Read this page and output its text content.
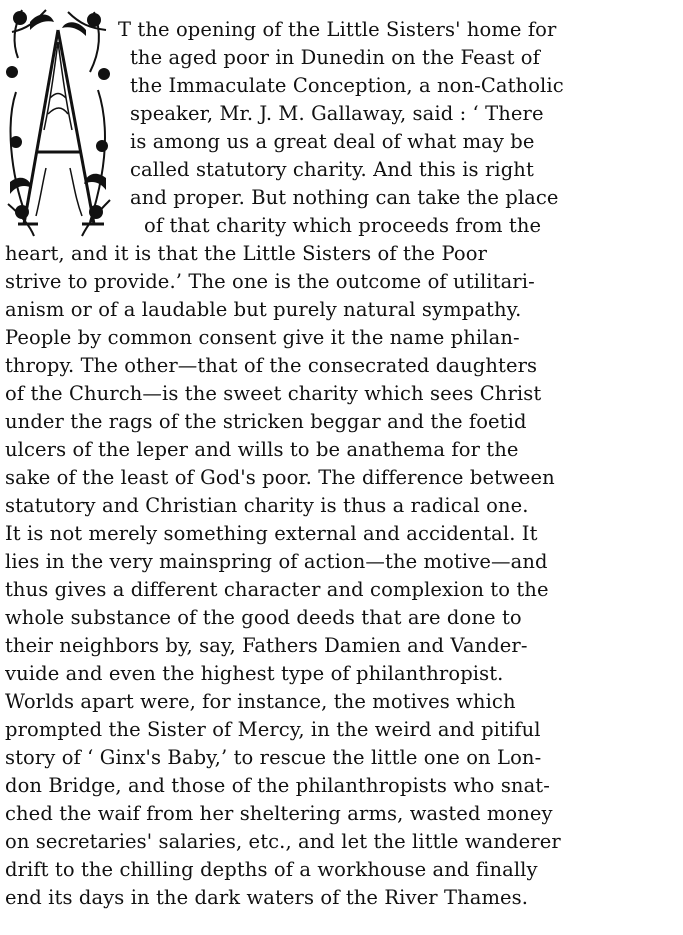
T the opening of the Little Sisters' home for
the aged poor in Dunedin on the Feast of
the Immaculate Conception, a non-Catholic
speaker, Mr. J. M. Gallaway, said : ‘ There
is among us a great deal of what may be
called statutory charity. And this is right
and proper. But nothing can take the place
of that charity which proceeds from the
heart, and it is that the Little Sisters of the Poor
strive to provide.’ The one is the outcome of utilitari-
anism or of a laudable but purely natural sympathy.
People by common consent give it the name philan-
thropy. The other—that of the consecrated daughters
of the Church—is the sweet charity which sees Christ
under the rags of the stricken beggar and the foetid
ulcers of the leper and wills to be anathema for the
sake of the least of God's poor. The difference between
statutory and Christian charity is thus a radical one.
It is not merely something external and accidental. It
lies in the very mainspring of action—the motive—and
thus gives a different character and complexion to the
whole substance of the good deeds that are done to
their neighbors by, say, Fathers Damien and Vander-
vuide and even the highest type of philanthropist.
Worlds apart were, for instance, the motives which
prompted the Sister of Mercy, in the weird and pitiful
story of ‘ Ginx's Baby,’ to rescue the little one on Lon-
don Bridge, and those of the philanthropists who snat-
ched the waif from her sheltering arms, wasted money
on secretaries' salaries, etc., and let the little wanderer
drift to the chilling depths of a workhouse and finally
end its days in the dark waters of the River Thames.
